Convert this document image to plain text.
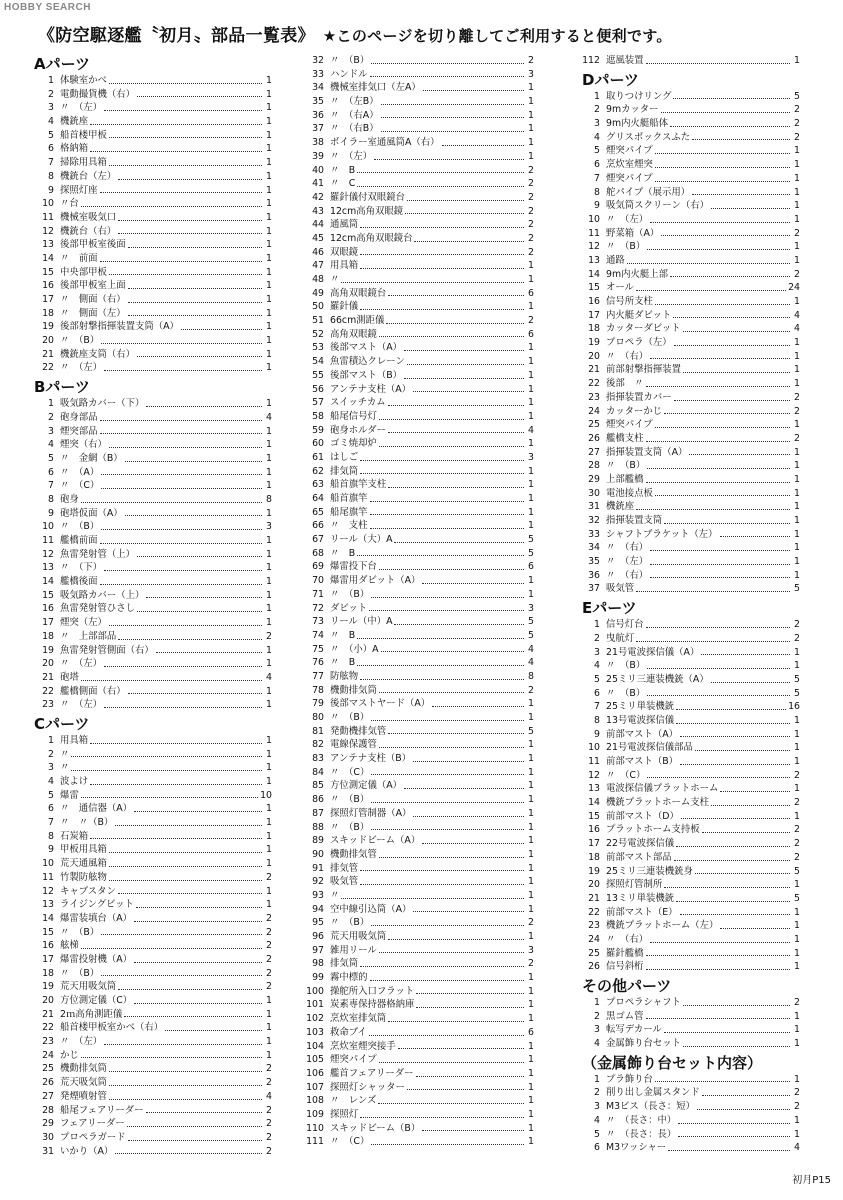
HOBBY SEARCH
《防空駆逐艦〝初月〟部品一覧表》 ★このページを切り離してご利用すると便利です。
Aパーツ
1 体験室かべ	1
2 電動撮貨機（右）	1
3 〃　（左）	1
4 機銃座	1
5 船首楼甲板	1
6 格納箱	1
7 掃除用具箱	1
8 機銃台（左）	1
9 探照灯座	1
10 〃台	1
11 機械室吸気口	1
12 機銃台（右）	1
13 後部甲板室後面	1
14 〃　前面	1
15 中央部甲板	1
16 後部甲板室上面	1
17 〃　側面（右）	1
18 〃　側面（左）	1
19 後部射撃指揮装置支筒（A）	1
20 〃　（B）	1
21 機銃座支筒（右）	1
22 〃　（左）	1
Bパーツ
1 吸気路カバー（下）	1
2 砲身部品	4
3 煙突部品	1
4 煙突（右）	1
5 〃　金網（B）	1
6 〃　（A）	1
7 〃　（C）	1
8 砲身	8
9 砲塔仮面（A）	1
10 〃　（B）	3
11 艦橋前面	1
12 魚雷発射管（上）	1
13 〃　（下）	1
14 艦橋後面	1
15 吸気路カバー（上）	1
16 魚雷発射管ひさし	1
17 煙突（左）	1
18 〃　上部部品	2
19 魚雷発射管側面（右）	1
20 〃　（左）	1
21 砲塔	4
22 艦橋側面（右）	1
23 〃　（左）	1
Cパーツ
1 用具箱	1
2 〃	1
3 〃	1
4 波よけ	1
5 爆雷	10
6 〃　通信器（A）	1
7 〃　〃（B）	1
8 石炭箱	1
9 甲板用具箱	1
10 荒天通風箱	1
11 竹製防舷物	2
12 キャプスタン	1
13 ライジングビット	1
14 爆雷装填台（A）	2
15 〃　（B）	2
16 舷梯	2
17 爆雷投射機（A）	2
18 〃　（B）	2
19 荒天用吸気筒	2
20 方位測定儀（C）	1
21 2ｍ高角測距儀	1
22 船首楼甲板室かべ（右）	1
23 〃　（左）	1
24 かじ	1
25 機動排気筒	2
26 荒天吸気筒	2
27 発煙噴射管	4
28 船尾フェアリーダー	2
29 フェアリーダー	2
30 プロペラガード	2
31 いかり（A）	2
32 〃　（B）	2
33 ハンドル	3
34 機械室排気口（左A）	1
35 〃　（左B）	1
36 〃　（右A）	1
37 〃　（右B）	1
38 ボイラー室通風筒A（右）	1
39 〃　（左）	1
40 〃　B	2
41 〃　C	2
42 羅針儀付双眼鏡台	2
43 12cm高角双眼鏡	2
44 通風筒	2
45 12cm高角双眼鏡台	2
46 双眼鏡	2
47 用具箱	1
48 〃	1
49 高角双眼鏡台	6
50 羅針儀	1
51 66cm測距儀	2
52 高角双眼鏡	6
53 後部マスト（A）	1
54 魚雷積込クレーン	1
55 後部マスト（B）	1
56 アンテナ支柱（A）	1
57 スイッチカム	1
58 船尾信号灯	1
59 砲身ホルダー	4
60 ゴミ焼却炉	1
61 はしご	3
62 排気筒	1
63 船首旗竿支柱	1
64 船首旗竿	1
65 船尾旗竿	1
66 〃　支柱	1
67 リール（大）A	5
68 〃　B	5
69 爆雷投下台	6
70 爆雷用ダビット（A）	1
71 〃　（B）	1
72 ダビット	3
73 リール（中）A	5
74 〃　B	5
75 〃　（小）A	4
76 〃　B	4
77 防舷物	8
78 機動排気筒	2
79 後部マストヤード（A）	1
80 〃　（B）	1
81 発動機排気管	5
82 電線保護管	1
83 アンテナ支柱（B）	1
84 〃　（C）	1
85 方位測定儀（A）	1
86 〃　（B）	1
87 探照灯管制器（A）	1
88 〃　（B）	1
89 スキッドビーム（A）	1
90 機動排気管	1
91 排気管	1
92 吸気管	1
93 〃	1
94 空中線引込筒（A）	1
95 〃　（B）	2
96 荒天用吸気筒	1
97 雑用リール	3
98 排気筒	2
99 霧中標的	1
100 操舵所入口フラット	1
101 炭素専保持器格納庫	1
102 烹炊室排気筒	1
103 救命ブイ	6
104 烹炊室煙突接手	1
105 煙突パイプ	1
106 艦首フェアリーダー	1
107 探照灯シャッター	1
108 〃　レンズ	1
109 探照灯	1
110 スキッドビーム（B）	1
111 〃　（C）	1
112 遮風装置	1
Dパーツ
1 取りつけリング	5
2 9mカッター	2
3 9m内火艇船体	2
4 グリスボックスふた	2
5 煙突パイプ	1
6 烹炊室煙突	1
7 煙突パイプ	1
8 舵パイプ（展示用）	1
9 吸気筒スクリーン（右）	1
10 〃　（左）	1
11 野菜箱（A）	2
12 〃　（B）	1
13 通路	1
14 9m内火艇上部	2
15 オール	24
16 信号所支柱	1
17 内火艇ダビット	4
18 カッターダビット	4
19 プロペラ（左）	1
20 〃　（右）	1
21 前部射撃指揮装置	1
22 後部　〃	1
23 指揮装置カバー	2
24 カッターかじ	2
25 煙突パイプ	1
26 艦橋支柱	2
27 指揮装置支筒（A）	1
28 〃　（B）	1
29 上部艦橋	1
30 電池接点板	1
31 機銃座	1
32 指揮装置支筒	1
33 シャフトブラケット（左）	1
34 〃　（右）	1
35 〃　（左）	1
36 〃　（右）	1
37 吸気管	5
Eパーツ
1 信号灯台	2
2 曳航灯	2
3 21号電波探信儀（A）	1
4 〃　（B）	1
5 25ミリ三連装機銃（A）	5
6 〃　（B）	5
7 25ミリ単装機銃	16
8 13号電波探信儀	1
9 前部マスト（A）	1
10 21号電波探信儀部品	1
11 前部マスト（B）	1
12 〃　（C）	2
13 電波探信儀プラットホーム	1
14 機銃プラットホーム支柱	2
15 前部マスト（D）	1
16 プラットホーム支持板	2
17 22号電波探信儀	2
18 前部マスト部品	2
19 25ミリ三連装機銃身	5
20 探照灯管制所	1
21 13ミリ単装機銃	5
22 前部マスト（E）	1
23 機銃プラットホーム（左）	1
24 〃　（右）	1
25 羅針艦橋	1
26 信号斜桁	1
その他パーツ
1 プロペラシャフト	2
2 黒ゴム管	1
3 転写デカール	1
4 金属飾り台セット	1
（金属飾り台セット内容）
1 プラ飾り台	1
2 削り出し金属スタンド	2
3 M3ビス（長さ：短）	2
4 〃　（長さ：中）	1
5 〃　（長さ：長）	1
6 M3ワッシャー	4
初月P15
